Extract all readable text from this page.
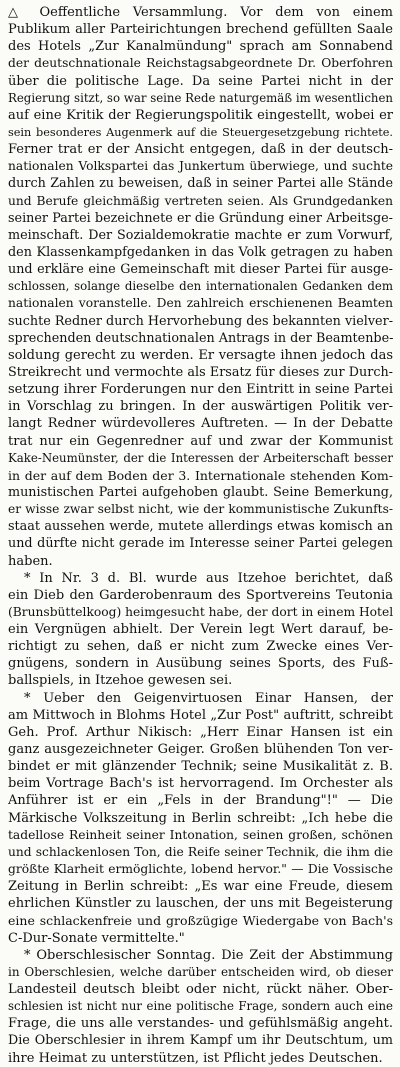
△ Oeffentliche Versammlung. Vor dem von einem
Publikum aller Parteirichtungen brechend gefüllten Saale
des Hotels „Zur Kanalmündung" sprach am Sonnabend
der deutschnationale Reichstagsabgeordnete Dr. Oberfohren
über die politische Lage. Da seine Partei nicht in der
Regierung sitzt, so war seine Rede naturgemäß im wesentlichen
auf eine Kritik der Regierungspolitik eingestellt, wobei er
sein besonderes Augenmerk auf die Steuergesetzgebung richtete.
Ferner trat er der Ansicht entgegen, daß in der deutsch-
nationalen Volkspartei das Junkertum überwiege, und suchte
durch Zahlen zu beweisen, daß in seiner Partei alle Stände
und Berufe gleichmäßig vertreten seien. Als Grundgedanken
seiner Partei bezeichnete er die Gründung einer Arbeitsge-
meinschaft. Der Sozialdemokratie machte er zum Vorwurf,
den Klassenkampfgedanken in das Volk getragen zu haben
und erkläre eine Gemeinschaft mit dieser Partei für ausge-
schlossen, solange dieselbe den internationalen Gedanken dem
nationalen voranstelle. Den zahlreich erschienenen Beamten
suchte Redner durch Hervorhebung des bekannten vielver-
sprechenden deutschnationalen Antrags in der Beamtenbe-
soldung gerecht zu werden. Er versagte ihnen jedoch das
Streikrecht und vermochte als Ersatz für dieses zur Durch-
setzung ihrer Forderungen nur den Eintritt in seine Partei
in Vorschlag zu bringen. In der auswärtigen Politik ver-
langt Redner würdevolleres Auftreten. — In der Debatte
trat nur ein Gegenredner auf und zwar der Kommunist
Kake-Neumünster, der die Interessen der Arbeiterschaft besser
in der auf dem Boden der 3. Internationale stehenden Kom-
munistischen Partei aufgehoben glaubt. Seine Bemerkung,
er wisse zwar selbst nicht, wie der kommunistische Zukunfts-
staat aussehen werde, mutete allerdings etwas komisch an
und dürfte nicht gerade im Interesse seiner Partei gelegen
haben.
* In Nr. 3 d. Bl. wurde aus Itzehoe berichtet, daß
ein Dieb den Garderobenraum des Sportvereins Teutonia
(Brunsbüttelkoog) heimgesucht habe, der dort in einem Hotel
ein Vergnügen abhielt. Der Verein legt Wert darauf, be-
richtigt zu sehen, daß er nicht zum Zwecke eines Ver-
gnügens, sondern in Ausübung seines Sports, des Fuß-
ballspiels, in Itzehoe gewesen sei.
* Ueber den Geigenvirtuosen Einar Hansen, der
am Mittwoch in Blohms Hotel „Zur Post" auftritt, schreibt
Geh. Prof. Arthur Nikisch: „Herr Einar Hansen ist ein
ganz ausgezeichneter Geiger. Großen blühenden Ton ver-
bindet er mit glänzender Technik; seine Musikalität z. B.
beim Vortrage Bach's ist hervorragend. Im Orchester als
Anführer ist er ein „Fels in der Brandung"!" — Die
Märkische Volkszeitung in Berlin schreibt: „Ich hebe die
tadellose Reinheit seiner Intonation, seinen großen, schönen
und schlackenlosen Ton, die Reife seiner Technik, die ihm die
größte Klarheit ermöglichte, lobend hervor." — Die Vossische
Zeitung in Berlin schreibt: „Es war eine Freude, diesem
ehrlichen Künstler zu lauschen, der uns mit Begeisterung
eine schlackenfreie und großzügige Wiedergabe von Bach's
C-Dur-Sonate vermittelte."
* Oberschlesischer Sonntag. Die Zeit der Abstimmung
in Oberschlesien, welche darüber entscheiden wird, ob dieser
Landesteil deutsch bleibt oder nicht, rückt näher. Ober-
schlesien ist nicht nur eine politische Frage, sondern auch eine
Frage, die uns alle verstandes- und gefühlsmäßig angeht.
Die Oberschlesier in ihrem Kampf um ihr Deutschtum, um
ihre Heimat zu unterstützen, ist Pflicht jedes Deutschen.
